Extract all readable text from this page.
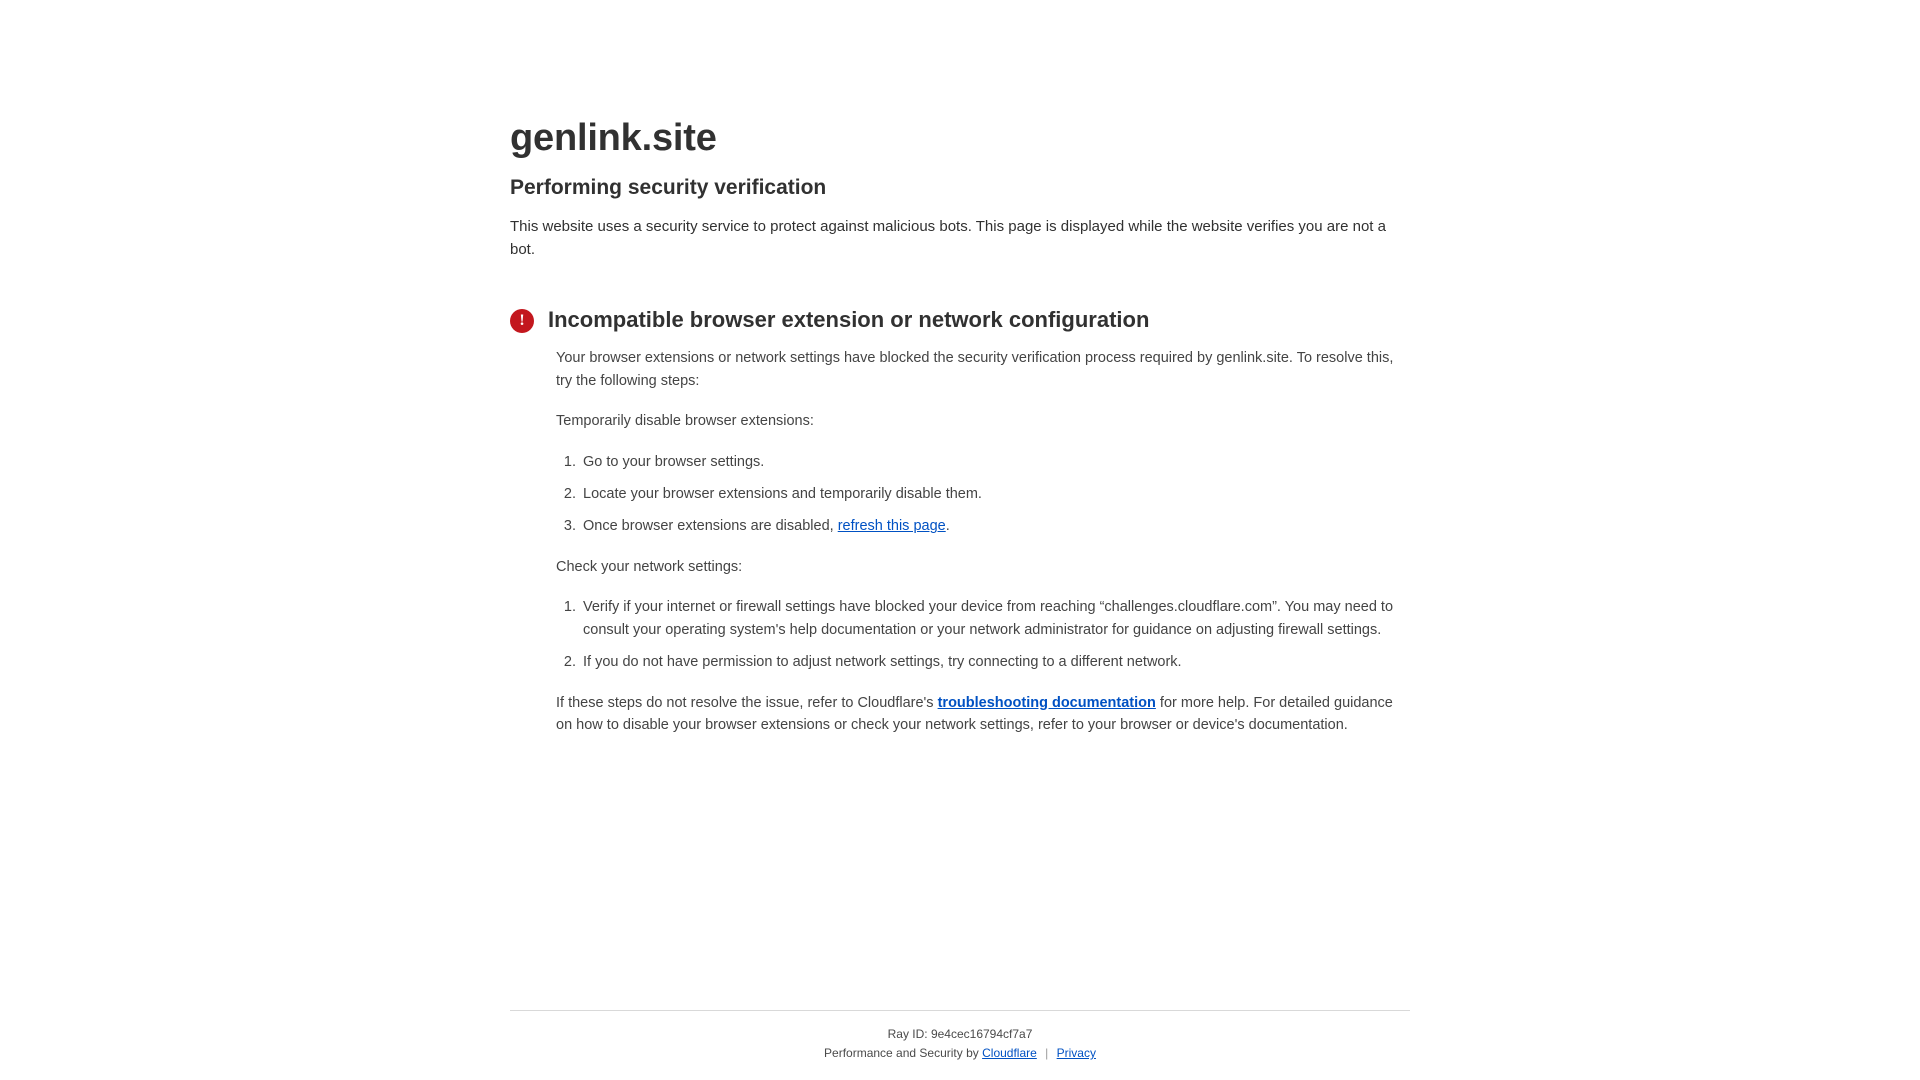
genlink.site
Performing security verification

This website uses a security service to protect against malicious bots. This page is displayed while the website verifies you are not a bot.

!	Incompatible browser extension or network configuration

Your browser extensions or network settings have blocked the security verification process required by genlink.site. To resolve this, try the following steps:

Temporarily disable browser extensions:

1. Go to your browser settings.
2. Locate your browser extensions and temporarily disable them.
3. Once browser extensions are disabled, refresh this page.

Check your network settings:

1. Verify if your internet or firewall settings have blocked your device from reaching “challenges.cloudflare.com”. You may need to consult your operating system's help documentation or your network administrator for guidance on adjusting firewall settings.
2. If you do not have permission to adjust network settings, try connecting to a different network.

If these steps do not resolve the issue, refer to Cloudflare's troubleshooting documentation for more help. For detailed guidance on how to disable your browser extensions or check your network settings, refer to your browser or device's documentation.

Ray ID: 9e4cec16794cf7a7
Performance and Security by Cloudflare | Privacy
